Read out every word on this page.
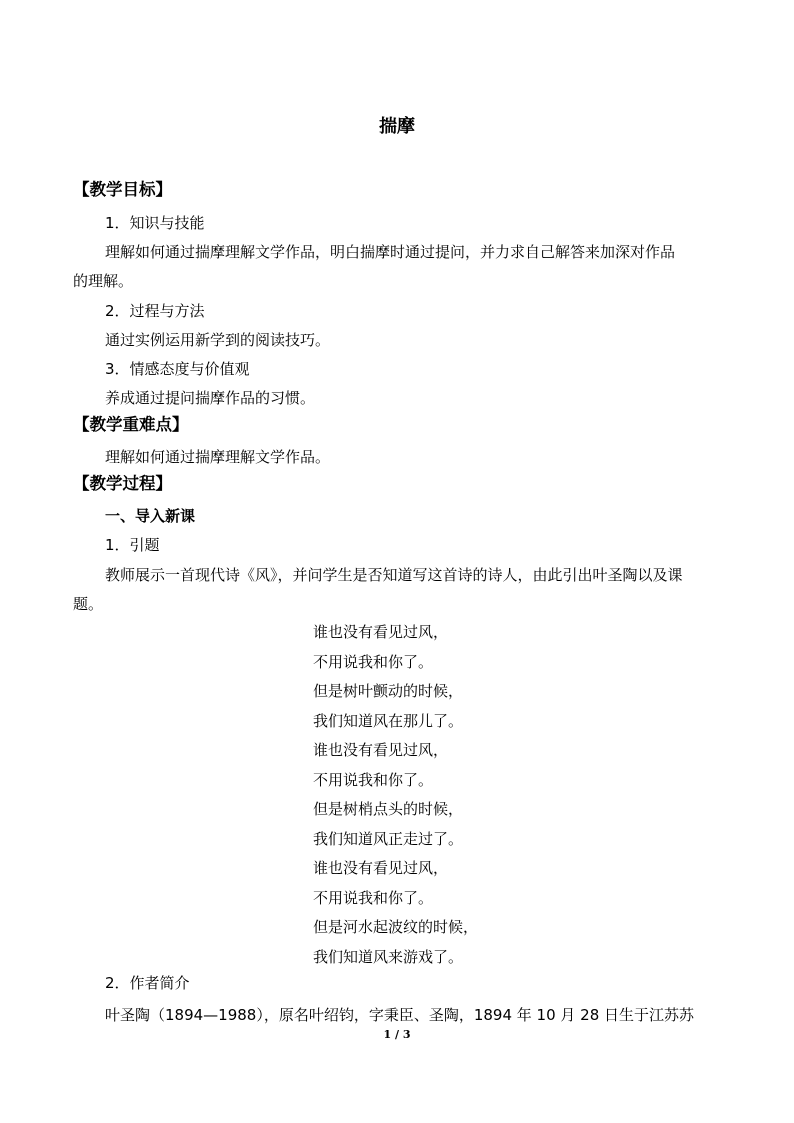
揣摩
【教学目标】
1．知识与技能
理解如何通过揣摩理解文学作品，明白揣摩时通过提问，并力求自己解答来加深对作品
的理解。
2．过程与方法
通过实例运用新学到的阅读技巧。
3．情感态度与价值观
养成通过提问揣摩作品的习惯。
【教学重难点】
理解如何通过揣摩理解文学作品。
【教学过程】
一、导入新课
1．引题
教师展示一首现代诗《风》，并问学生是否知道写这首诗的诗人，由此引出叶圣陶以及课
题。
谁也没有看见过风，
不用说我和你了。
但是树叶颤动的时候，
我们知道风在那儿了。
谁也没有看见过风，
不用说我和你了。
但是树梢点头的时候，
我们知道风正走过了。
谁也没有看见过风，
不用说我和你了。
但是河水起波纹的时候，
我们知道风来游戏了。
2．作者简介
叶圣陶（1894—1988），原名叶绍钧，字秉臣、圣陶，1894 年 10 月 28 日生于江苏苏
1 / 3
